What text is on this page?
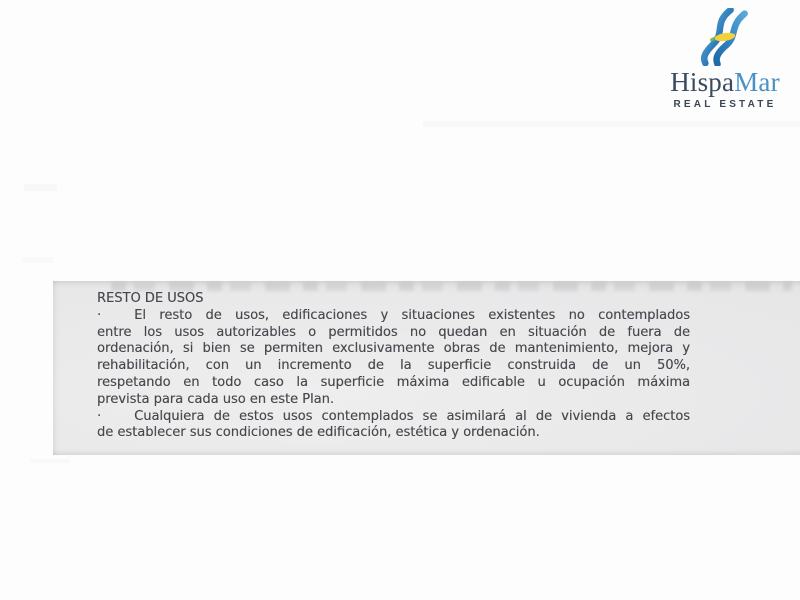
HispaMar
REAL ESTATE
RESTO DE USOS
·	El resto de usos, edificaciones y situaciones existentes no contemplados
entre los usos autorizables o permitidos no quedan en situación de fuera de
ordenación, si bien se permiten exclusivamente obras de mantenimiento, mejora y
rehabilitación, con un incremento de la superficie construida de un 50%,
respetando en todo caso la superficie máxima edificable u ocupación máxima
prevista para cada uso en este Plan.
·	Cualquiera de estos usos contemplados se asimilará al de vivienda a efectos
de establecer sus condiciones de edificación, estética y ordenación.
